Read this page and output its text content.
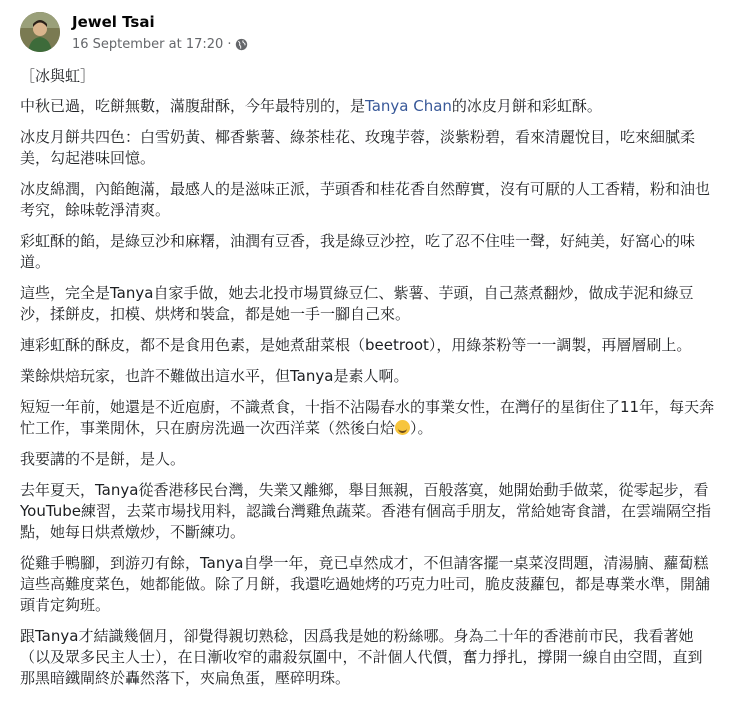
Jewel Tsai
16 September at 17:20 ·

［冰與虹］

中秋已過，吃餅無數，滿腹甜酥，今年最特別的，是Tanya Chan的冰皮月餅和彩虹酥。

冰皮月餅共四色：白雪奶黃、椰香紫薯、綠茶桂花、玫瑰芋蓉，淡紫粉碧，看來清麗悅目，吃來細膩柔美，勾起港味回憶。

冰皮綿潤，內餡飽滿，最感人的是滋味正派，芋頭香和桂花香自然醇實，沒有可厭的人工香精，粉和油也考究，餘味乾淨清爽。

彩虹酥的餡，是綠豆沙和麻糬，油潤有豆香，我是綠豆沙控，吃了忍不住哇一聲，好純美，好窩心的味道。

這些，完全是Tanya自家手做，她去北投市場買綠豆仁、紫薯、芋頭，自己蒸煮翻炒，做成芋泥和綠豆沙，揉餅皮，扣模、烘烤和裝盒，都是她一手一腳自己來。

連彩虹酥的酥皮，都不是食用色素，是她煮甜菜根（beetroot），用綠茶粉等一一調製，再層層刷上。

業餘烘焙玩家，也許不難做出這水平，但Tanya是素人啊。

短短一年前，她還是不近庖廚，不識煮食，十指不沾陽春水的事業女性，在灣仔的星街住了11年，每天奔忙工作，事業閒休，只在廚房洗過一次西洋菜（然後白烚 ）。

我要講的不是餅，是人。

去年夏天，Tanya從香港移民台灣，失業又離鄉，舉目無親，百般落寞，她開始動手做菜，從零起步，看YouTube練習，去菜市場找用料，認識台灣雞魚蔬菜。香港有個高手朋友，常給她寄食譜，在雲端隔空指點，她每日烘煮燉炒，不斷練功。

從雞手鴨腳，到游刃有餘，Tanya自學一年，竟已卓然成才，不但請客擺一桌菜沒問題，清湯腩、蘿蔔糕這些高難度菜色，她都能做。除了月餅，我還吃過她烤的巧克力吐司，脆皮菠蘿包，都是專業水準，開舖頭肯定夠班。

跟Tanya才結識幾個月，卻覺得親切熟稔，因爲我是她的粉絲哪。身為二十年的香港前市民，我看著她（以及眾多民主人士），在日漸收窄的肅殺氛圍中，不計個人代價，奮力掙扎，撐開一線自由空間，直到那黑暗鐵閘終於轟然落下，夾扁魚蛋，壓碎明珠。
